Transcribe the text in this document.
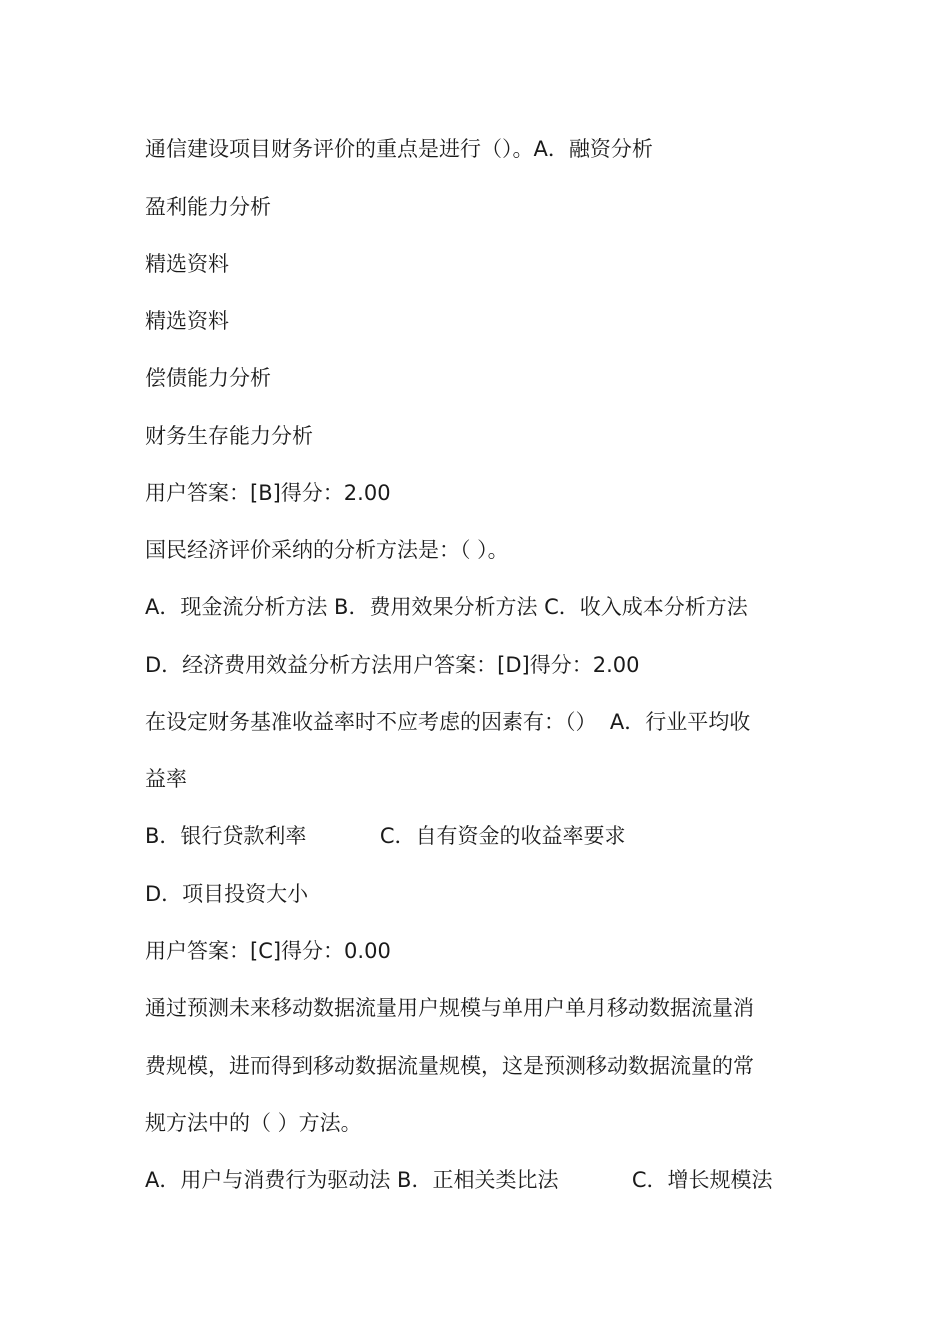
通信建设项目财务评价的重点是进行（）。A．融资分析
盈利能力分析
精选资料
精选资料
偿债能力分析
财务生存能力分析
用户答案：[B]得分：2.00
国民经济评价采纳的分析方法是：（ ）。
A．现金流分析方法 B．费用效果分析方法 C．收入成本分析方法
D．经济费用效益分析方法用户答案：[D]得分：2.00
在设定财务基准收益率时不应考虑的因素有：（）  A．行业平均收
益率
B．银行贷款利率           C．自有资金的收益率要求
D．项目投资大小
用户答案：[C]得分：0.00
通过预测未来移动数据流量用户规模与单用户单月移动数据流量消
费规模，进而得到移动数据流量规模，这是预测移动数据流量的常
规方法中的（ ）方法。
A．用户与消费行为驱动法 B．正相关类比法           C．增长规模法
